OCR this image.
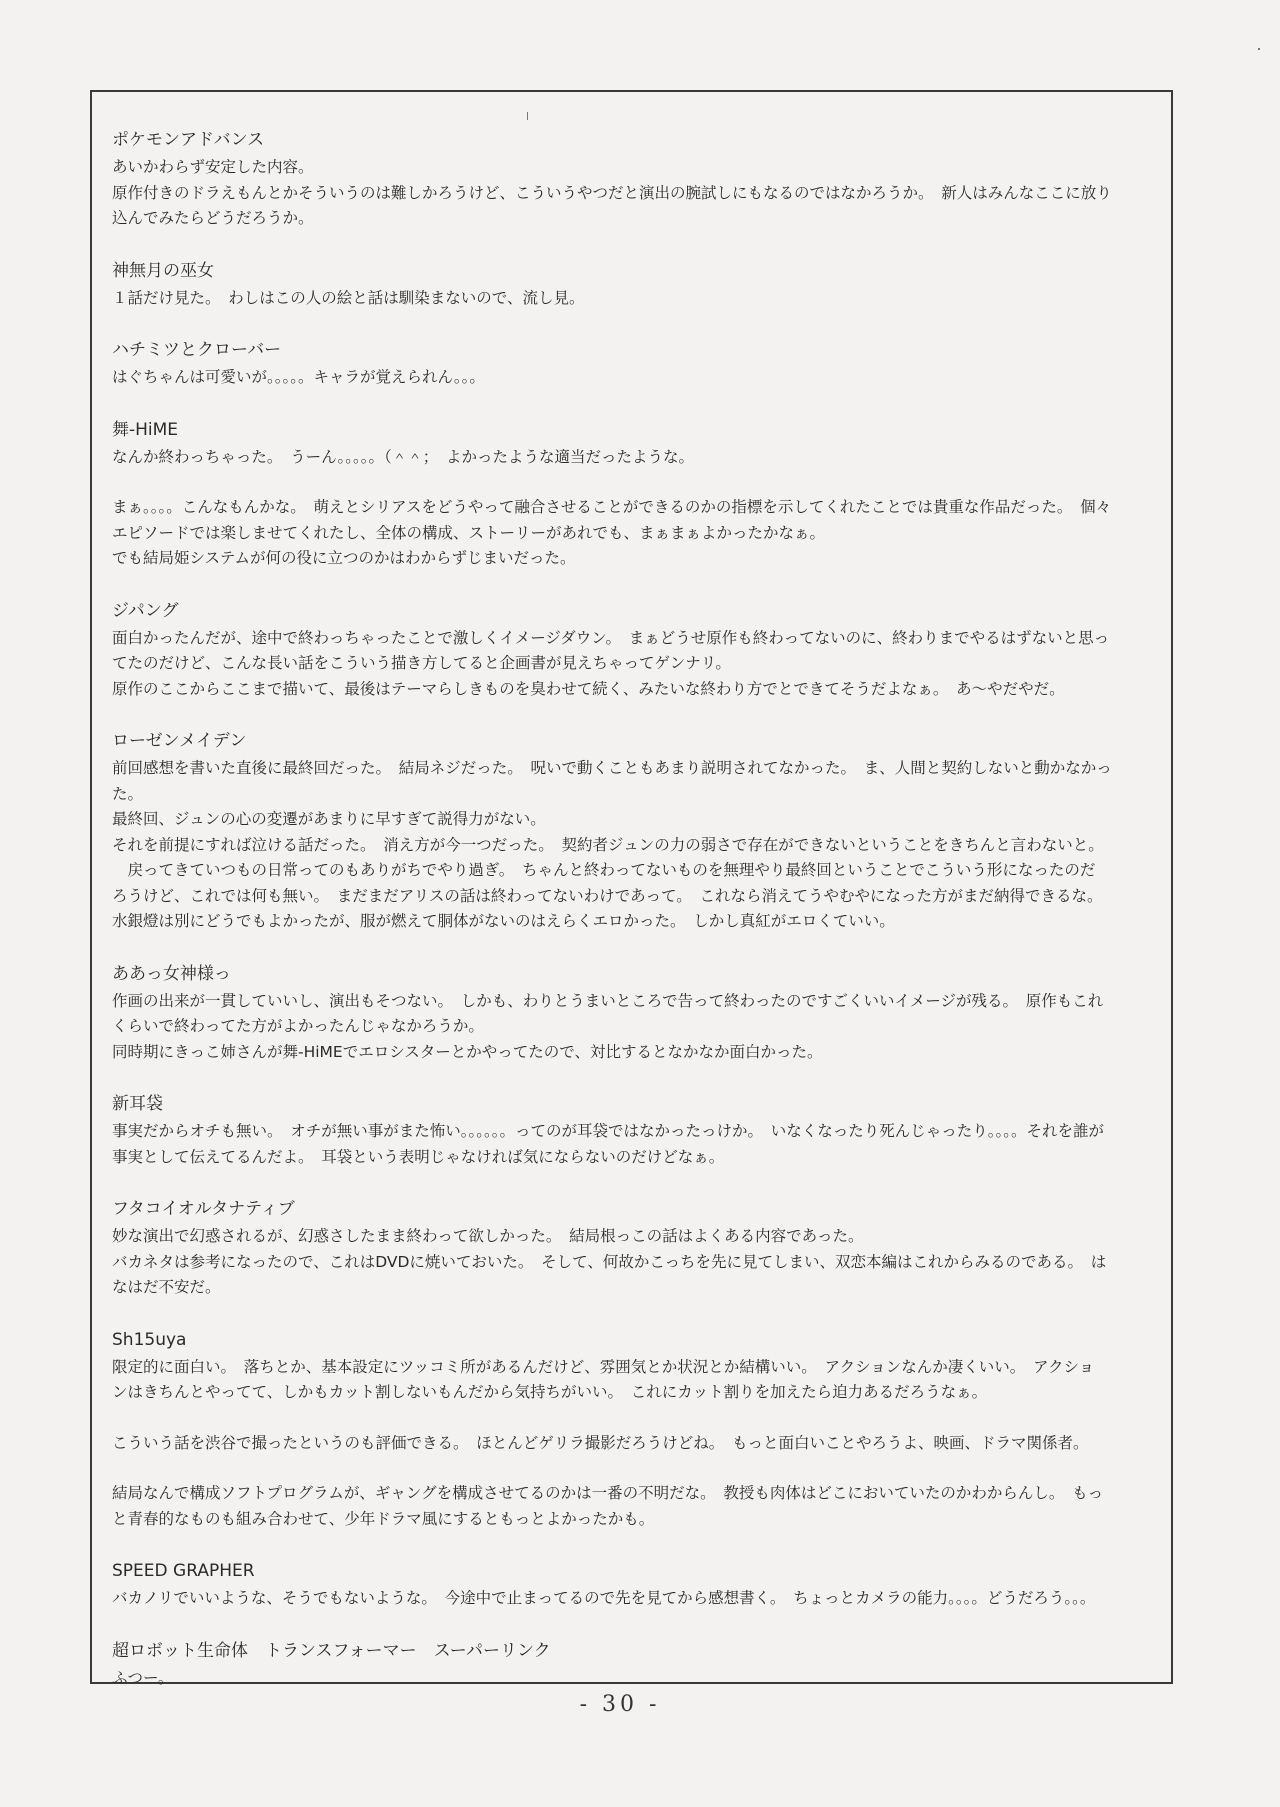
ポケモンアドバンス
あいかわらず安定した内容。
原作付きのドラえもんとかそういうのは難しかろうけど、こういうやつだと演出の腕試しにもなるのではなかろうか。　新人はみんなここに放り
込んでみたらどうだろうか。
神無月の巫女
１話だけ見た。　わしはこの人の絵と話は馴染まないので、流し見。
ハチミツとクローバー
はぐちゃんは可愛いが。。。。。キャラが覚えられん。。。
舞-HiME
なんか終わっちゃった。　うーん。。。。。（＾＾；　よかったような適当だったような。
まぁ。。。。こんなもんかな。　萌えとシリアスをどうやって融合させることができるのかの指標を示してくれたことでは貴重な作品だった。　個々
エピソードでは楽しませてくれたし、全体の構成、ストーリーがあれでも、まぁまぁよかったかなぁ。
でも結局姫システムが何の役に立つのかはわからずじまいだった。
ジパング
面白かったんだが、途中で終わっちゃったことで激しくイメージダウン。　まぁどうせ原作も終わってないのに、終わりまでやるはずないと思っ
てたのだけど、こんな長い話をこういう描き方してると企画書が見えちゃってゲンナリ。
原作のここからここまで描いて、最後はテーマらしきものを臭わせて続く、みたいな終わり方でとできてそうだよなぁ。　あ～やだやだ。
ローゼンメイデン
前回感想を書いた直後に最終回だった。　結局ネジだった。　呪いで動くこともあまり説明されてなかった。　ま、人間と契約しないと動かなかっ
た。
最終回、ジュンの心の変遷があまりに早すぎて説得力がない。
それを前提にすれば泣ける話だった。　消え方が今一つだった。　契約者ジュンの力の弱さで存在ができないということをきちんと言わないと。
　戻ってきていつもの日常ってのもありがちでやり過ぎ。　ちゃんと終わってないものを無理やり最終回ということでこういう形になったのだ
ろうけど、これでは何も無い。　まだまだアリスの話は終わってないわけであって。　これなら消えてうやむやになった方がまだ納得できるな。
水銀燈は別にどうでもよかったが、服が燃えて胴体がないのはえらくエロかった。　しかし真紅がエロくていい。
ああっ女神様っ
作画の出来が一貫していいし、演出もそつない。　しかも、わりとうまいところで告って終わったのですごくいいイメージが残る。　原作もこれ
くらいで終わってた方がよかったんじゃなかろうか。
同時期にきっこ姉さんが舞-HiMEでエロシスターとかやってたので、対比するとなかなか面白かった。
新耳袋
事実だからオチも無い。　オチが無い事がまた怖い。。。。。。ってのが耳袋ではなかったっけか。　いなくなったり死んじゃったり。。。。それを誰が
事実として伝えてるんだよ。　耳袋という表明じゃなければ気にならないのだけどなぁ。
フタコイオルタナティブ
妙な演出で幻惑されるが、幻惑さしたまま終わって欲しかった。　結局根っこの話はよくある内容であった。
バカネタは参考になったので、これはDVDに焼いておいた。　そして、何故かこっちを先に見てしまい、双恋本編はこれからみるのである。　は
なはだ不安だ。
Sh15uya
限定的に面白い。　落ちとか、基本設定にツッコミ所があるんだけど、雰囲気とか状況とか結構いい。　アクションなんか凄くいい。　アクショ
ンはきちんとやってて、しかもカット割しないもんだから気持ちがいい。　これにカット割りを加えたら迫力あるだろうなぁ。
こういう話を渋谷で撮ったというのも評価できる。　ほとんどゲリラ撮影だろうけどね。　もっと面白いことやろうよ、映画、ドラマ関係者。
結局なんで構成ソフトプログラムが、ギャングを構成させてるのかは一番の不明だな。　教授も肉体はどこにおいていたのかわからんし。　もっ
と青春的なものも組み合わせて、少年ドラマ風にするともっとよかったかも。
SPEED GRAPHER
バカノリでいいような、そうでもないような。　今途中で止まってるので先を見てから感想書く。　ちょっとカメラの能力。。。。どうだろう。。。
超ロボット生命体　トランスフォーマー　スーパーリンク
ふつー。
- 30 -
